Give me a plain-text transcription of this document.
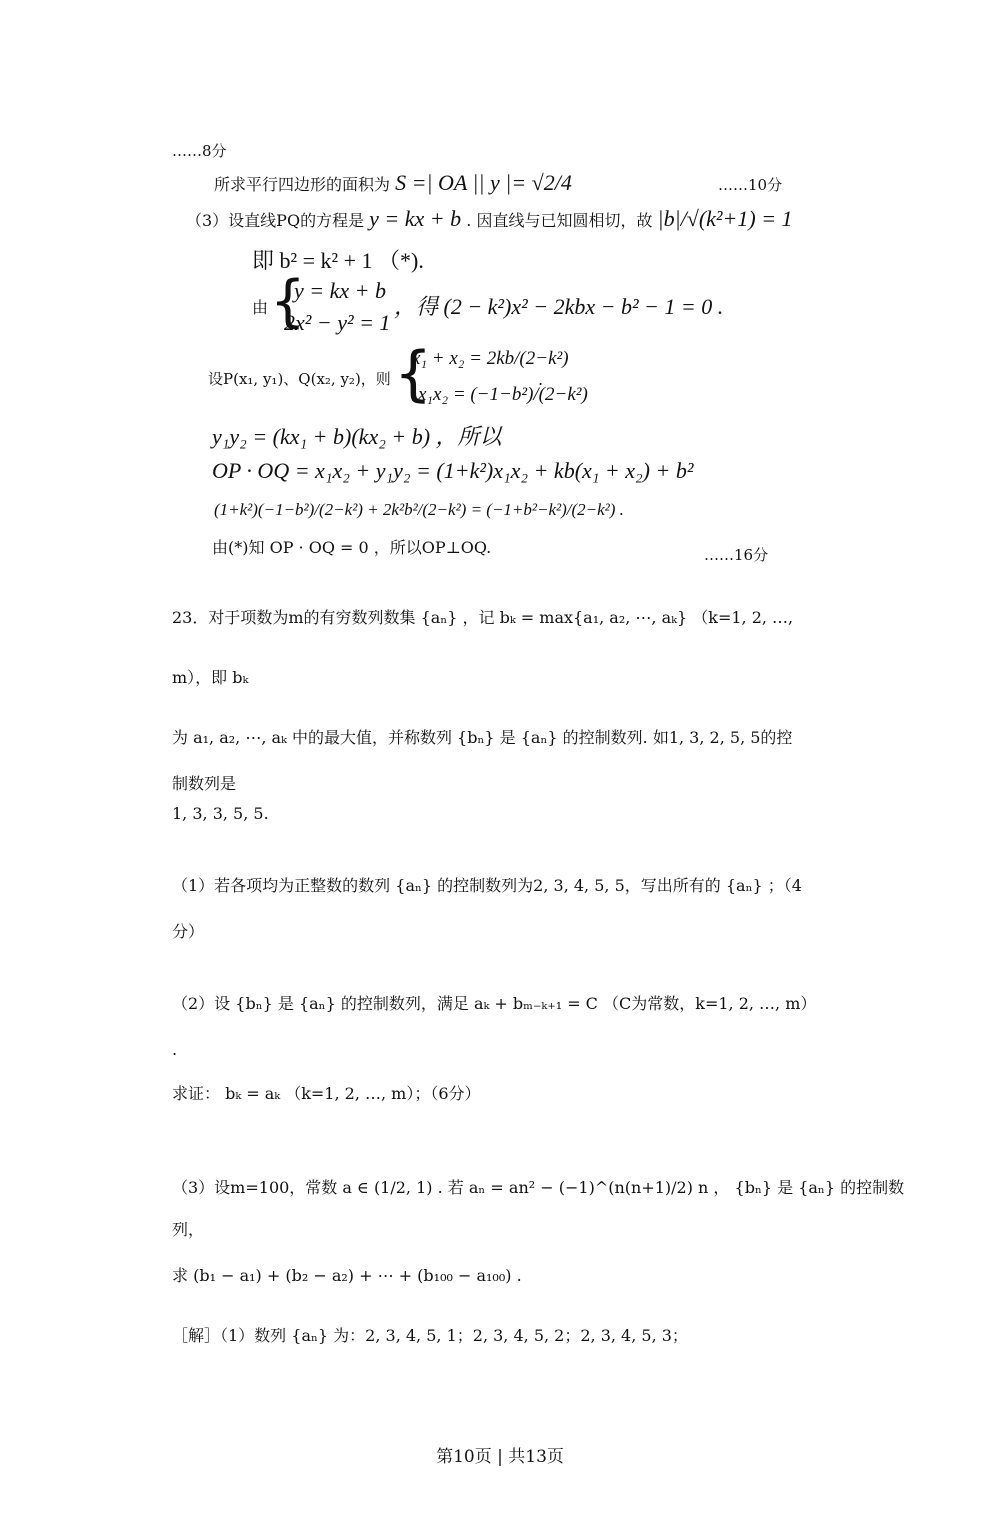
……8分
所求平行四边形的面积为 S =| OA || y |= √2/4	……10分
（3）设直线PQ的方程是 y = kx + b . 因直线与已知圆相切，故 |b|/√(k²+1) = 1
即 b² = k² + 1 （*).
由 {
y = kx + b
2x² − y² = 1
，得 (2 − k²)x² − 2kbx − b² − 1 = 0 .
设P(x₁, y₁)、Q(x₂, y₂)，则 {
x₁ + x₂ = 2kb/(2−k²)
x₁x₂ = (−1−b²)/(2−k²)
.
y₁y₂ = (kx₁ + b)(kx₂ + b) ，所以
OP · OQ = x₁x₂ + y₁y₂ = (1+k²)x₁x₂ + kb(x₁ + x₂) + b²
(1+k²)(−1−b²)/(2−k²) + 2k²b²/(2−k²) = (−1+b²−k²)/(2−k²) .
由(*)知 OP · OQ = 0 ，所以OP⊥OQ.	……16分
23．对于项数为m的有穷数列数集 {aₙ} ，记 bₖ = max{a₁, a₂, ⋯, aₖ} （k=1, 2, …,
m），即 bₖ
为 a₁, a₂, ⋯, aₖ 中的最大值，并称数列 {bₙ} 是 {aₙ} 的控制数列. 如1, 3, 2, 5, 5的控
制数列是
1, 3, 3, 5, 5.
（1）若各项均为正整数的数列 {aₙ} 的控制数列为2, 3, 4, 5, 5，写出所有的 {aₙ} ；（4
分）
（2）设 {bₙ} 是 {aₙ} 的控制数列，满足 aₖ + bₘ₋ₖ₊₁ = C （C为常数，k=1, 2, …, m）
.
求证： bₖ = aₖ （k=1, 2, …, m）；（6分）
（3）设m=100，常数 a ∈ (1/2, 1) . 若 aₙ = an² − (−1)^(n(n+1)/2) n ， {bₙ} 是 {aₙ} 的控制数
列，
求 (b₁ − a₁) + (b₂ − a₂) + ⋯ + (b₁₀₀ − a₁₀₀) .
［解］（1）数列 {aₙ} 为：2, 3, 4, 5, 1；2, 3, 4, 5, 2；2, 3, 4, 5, 3；
第10页 | 共13页
